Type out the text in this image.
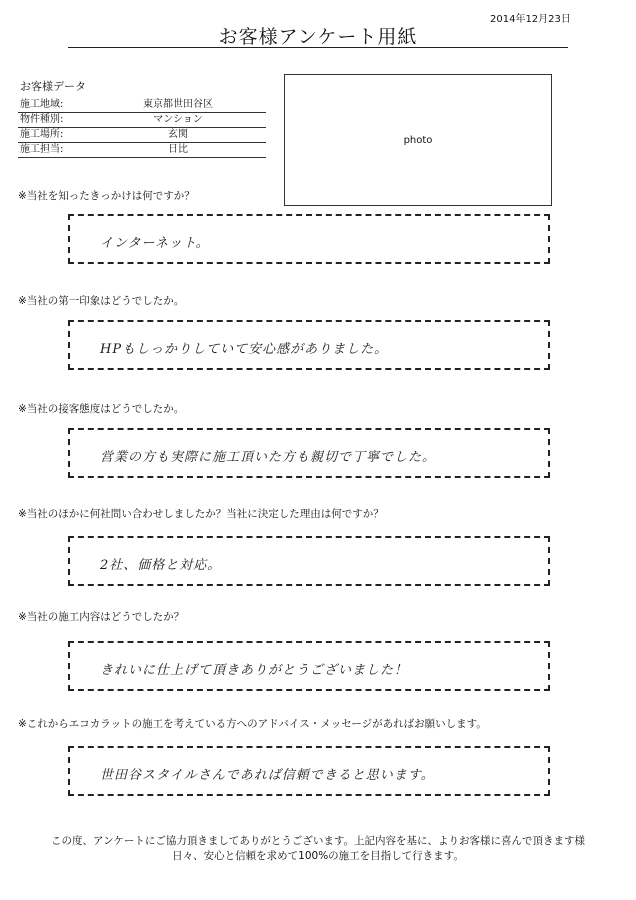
2014年12月23日
お客様アンケート用紙
お客様データ
施工地域:	東京都世田谷区
物件種別:	マンション
施工場所:	玄関
施工担当:	日比
photo
※当社を知ったきっかけは何ですか？
インターネット。
※当社の第一印象はどうでしたか。
HPもしっかりしていて安心感がありました。
※当社の接客態度はどうでしたか。
営業の方も実際に施工頂いた方も親切で丁寧でした。
※当社のほかに何社問い合わせしましたか？当社に決定した理由は何ですか？
2社、価格と対応。
※当社の施工内容はどうでしたか？
きれいに仕上げて頂きありがとうございました！
※これからエコカラットの施工を考えている方へのアドバイス・メッセージがあればお願いします。
世田谷スタイルさんであれば信頼できると思います。
この度、アンケートにご協力頂きましてありがとうございます。上記内容を基に、よりお客様に喜んで頂きます様
日々、安心と信頼を求めて100%の施工を目指して行きます。
